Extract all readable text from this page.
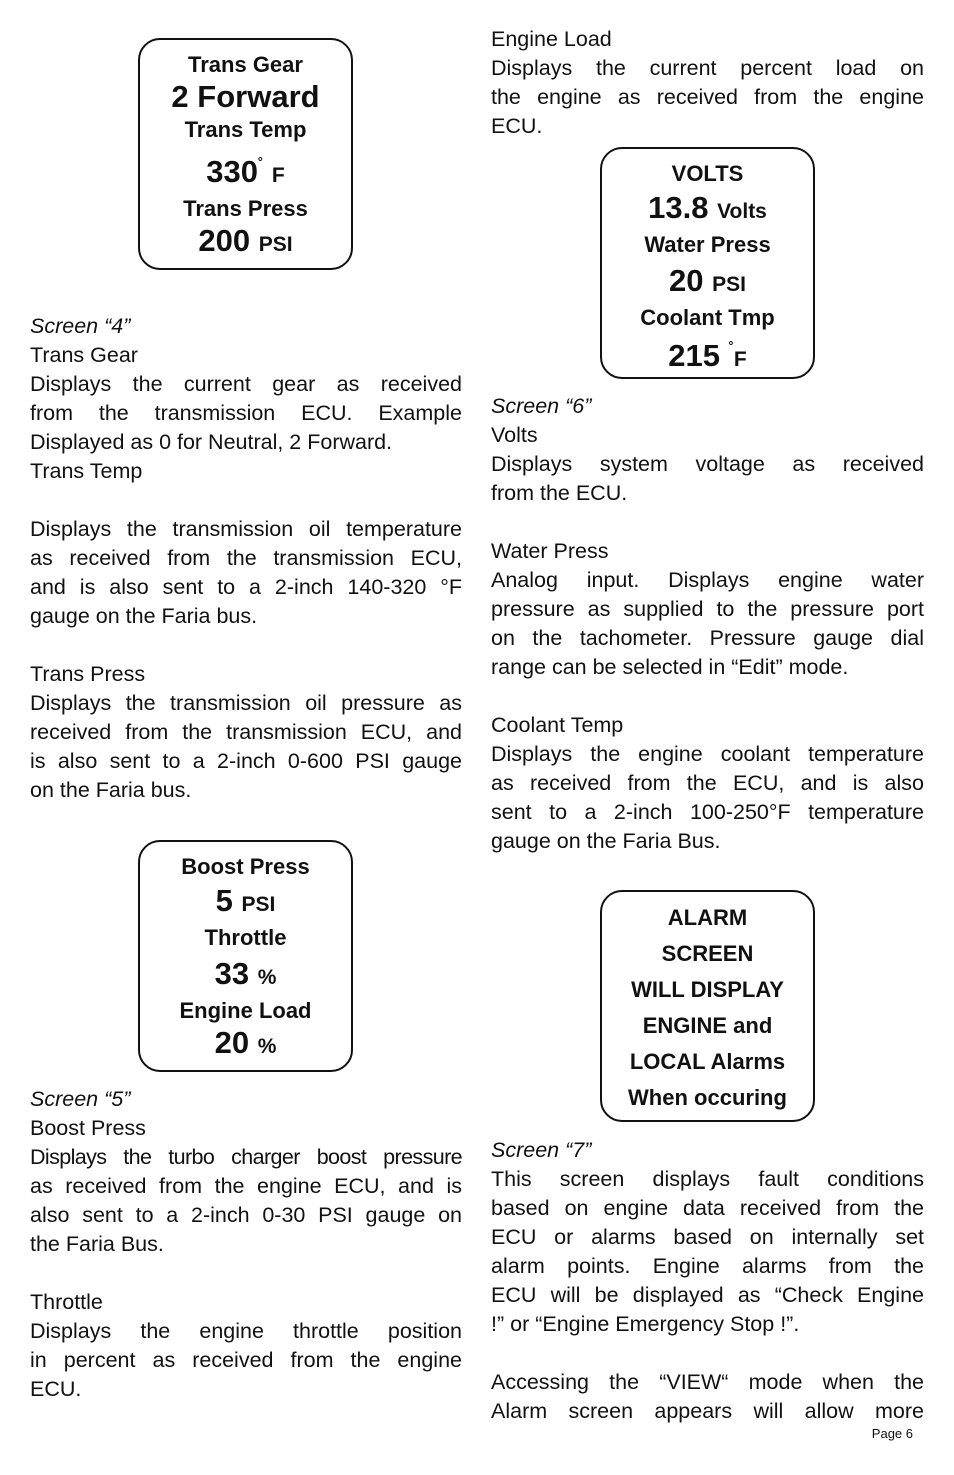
Trans Gear
2 Forward
Trans Temp
330˚ F
Trans Press
200 PSI
Boost Press
5 PSI
Throttle
33 %
Engine Load
20 %
VOLTS
13.8 Volts
Water Press
20 PSI
Coolant Tmp
215 ˚F
ALARM
SCREEN
WILL DISPLAY
ENGINE and
LOCAL Alarms
When occuring
Screen “4”
Trans Gear
Displays the current gear as received
from the transmission ECU. Example
Displayed as 0 for Neutral, 2 Forward.
Trans Temp
Displays the transmission oil temperature
as received from the transmission ECU,
and is also sent to a 2-inch 140-320 °F
gauge on the Faria bus.
Trans Press
Displays the transmission oil pressure as
received from the transmission ECU, and
is also sent to a 2-inch 0-600 PSI gauge
on the Faria bus.
Screen “5”
Boost Press
Displays the turbo charger boost pressure
as received from the engine ECU, and is
also sent to a 2-inch 0-30 PSI gauge on
the Faria Bus.
Throttle
Displays the engine throttle position
in percent as received from the engine
ECU.
Engine Load
Displays the current percent load on
the engine as received from the engine
ECU.
Screen “6”
Volts
Displays system voltage as received
from the ECU.
Water Press
Analog input. Displays engine water
pressure as supplied to the pressure port
on the tachometer. Pressure gauge dial
range can be selected in “Edit” mode.
Coolant Temp
Displays the engine coolant temperature
as received from the ECU, and is also
sent to a 2-inch 100-250°F temperature
gauge on the Faria Bus.
Screen “7”
This screen displays fault conditions
based on engine data received from the
ECU or alarms based on internally set
alarm points. Engine alarms from the
ECU will be displayed as “Check Engine
!” or “Engine Emergency Stop !”.
Accessing the “VIEW“ mode when the
Alarm screen appears will allow more
Page 6
